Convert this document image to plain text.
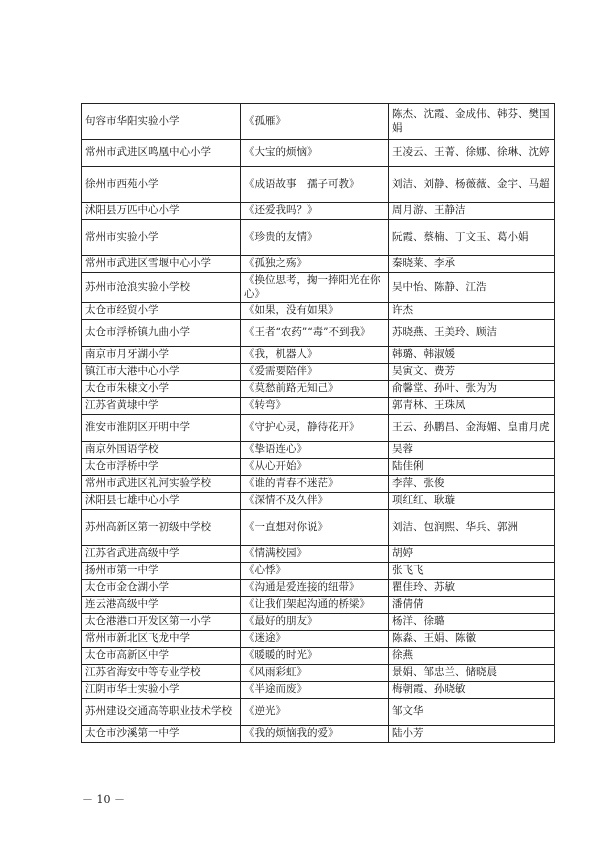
句容市华阳实验小学	《孤雁》	陈杰、沈霞、金成伟、韩芬、樊国娟
常州市武进区鸣凰中心小学	《大宝的烦恼》	王凌云、王菁、徐娜、徐琳、沈婷
徐州市西苑小学	《成语故事　孺子可教》	刘洁、刘静、杨薇薇、金宇、马超
沭阳县万匹中心小学	《还爱我吗？》	周月游、王静洁
常州市实验小学	《珍贵的友情》	阮霞、蔡楠、丁文玉、葛小娟
常州市武进区雪堰中心小学	《孤独之殇》	秦晓莱、李承
苏州市沧浪实验小学校	《换位思考，掬一捧阳光在你心》	吴中怡、陈静、江浩
太仓市经贸小学	《如果，没有如果》	许杰
太仓市浮桥镇九曲小学	《王者“农药”“毒”不到我》	苏晓燕、王美玲、顾洁
南京市月牙湖小学	《我，机器人》	韩璐、韩淑媛
镇江市大港中心小学	《爱需要陪伴》	吴寅文、费芳
太仓市朱棣文小学	《莫愁前路无知己》	俞馨堂、孙叶、张为为
江苏省黄埭中学	《转弯》	郭青林、王珠凤
淮安市淮阴区开明中学	《守护心灵，静待花开》	王云、孙鹏昌、金海媚、皇甫月虎
南京外国语学校	《挚语连心》	吴蓉
太仓市浮桥中学	《从心开始》	陆佳俐
常州市武进区礼河实验学校	《谁的青春不迷茫》	李萍、张俊
沭阳县七雄中心小学	《深情不及久伴》	项红红、耿璇
苏州高新区第一初级中学校	《一直想对你说》	刘洁、包润熙、华兵、郭洲
江苏省武进高级中学	《情满校园》	胡婷
扬州市第一中学	《心悸》	张飞飞
太仓市金仓湖小学	《沟通是爱连接的纽带》	瞿佳玲、苏敏
连云港高级中学	《让我们架起沟通的桥梁》	潘倩倩
太仓港港口开发区第一小学	《最好的朋友》	杨洋、徐璐
常州市新北区飞龙中学	《迷途》	陈淼、王娟、陈徽
太仓市高新区中学	《暖暖的时光》	徐燕
江苏省海安中等专业学校	《风雨彩虹》	景娟、邹忠兰、储晓晨
江阴市华士实验小学	《半途而废》	梅朝霞、孙晓敏
苏州建设交通高等职业技术学校	《逆光》	邹文华
太仓市沙溪第一中学	《我的烦恼我的爱》	陆小芳
－ 10 －
